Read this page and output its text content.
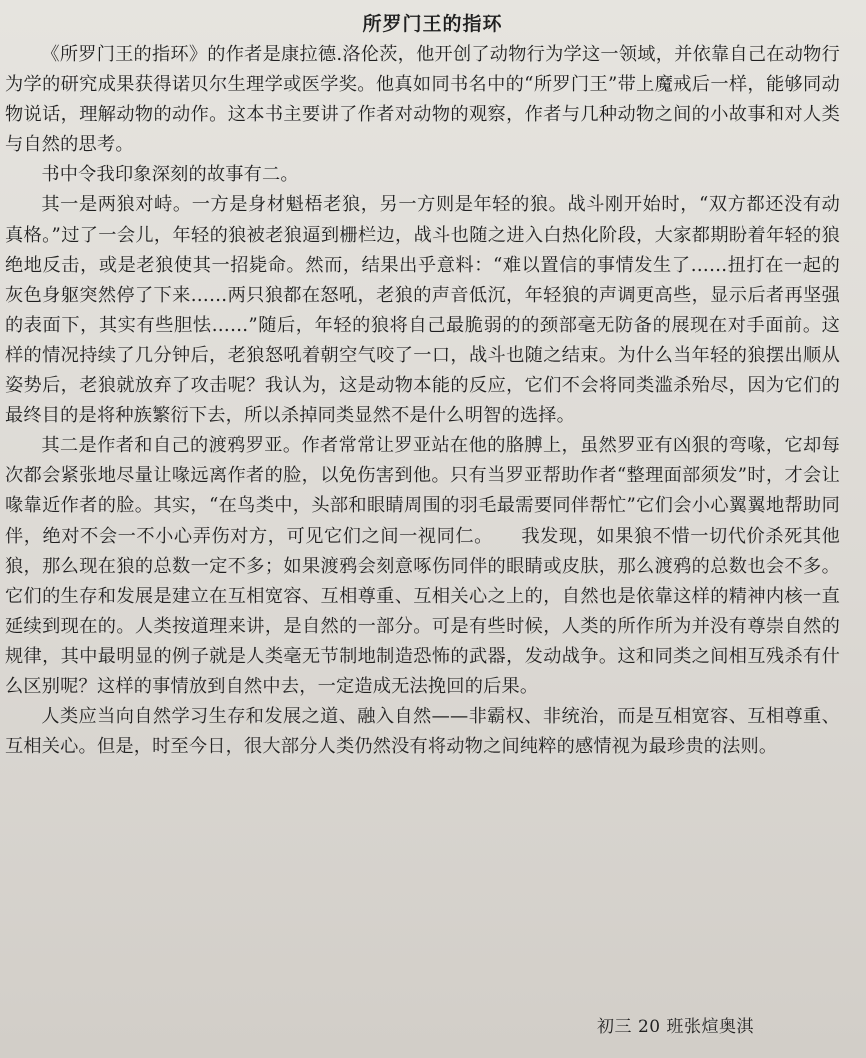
所罗门王的指环

《所罗门王的指环》的作者是康拉德.洛伦茨，他开创了动物行为学这一领域，并依靠自己在动物行为学的研究成果获得诺贝尔生理学或医学奖。他真如同书名中的“所罗门王”带上魔戒后一样，能够同动物说话，理解动物的动作。这本书主要讲了作者对动物的观察，作者与几种动物之间的小故事和对人类与自然的思考。

书中令我印象深刻的故事有二。

其一是两狼对峙。一方是身材魁梧老狼，另一方则是年轻的狼。战斗刚开始时，“双方都还没有动真格。”过了一会儿，年轻的狼被老狼逼到栅栏边，战斗也随之进入白热化阶段，大家都期盼着年轻的狼绝地反击，或是老狼使其一招毙命。然而，结果出乎意料：“难以置信的事情发生了……扭打在一起的灰色身躯突然停了下来……两只狼都在怒吼，老狼的声音低沉，年轻狼的声调更高些，显示后者再坚强的表面下，其实有些胆怯……”随后，年轻的狼将自己最脆弱的的颈部毫无防备的展现在对手面前。这样的情况持续了几分钟后，老狼怒吼着朝空气咬了一口，战斗也随之结束。为什么当年轻的狼摆出顺从姿势后，老狼就放弃了攻击呢？我认为，这是动物本能的反应，它们不会将同类滥杀殆尽，因为它们的最终目的是将种族繁衍下去，所以杀掉同类显然不是什么明智的选择。

其二是作者和自己的渡鸦罗亚。作者常常让罗亚站在他的胳膊上，虽然罗亚有凶狠的弯喙，它却每次都会紧张地尽量让喙远离作者的脸，以免伤害到他。只有当罗亚帮助作者“整理面部须发”时，才会让喙靠近作者的脸。其实，“在鸟类中，头部和眼睛周围的羽毛最需要同伴帮忙”它们会小心翼翼地帮助同伴，绝对不会一不小心弄伤对方，可见它们之间一视同仁。　　我发现，如果狼不惜一切代价杀死其他狼，那么现在狼的总数一定不多；如果渡鸦会刻意啄伤同伴的眼睛或皮肤，那么渡鸦的总数也会不多。它们的生存和发展是建立在互相宽容、互相尊重、互相关心之上的，自然也是依靠这样的精神内核一直延续到现在的。人类按道理来讲，是自然的一部分。可是有些时候，人类的所作所为并没有尊崇自然的规律，其中最明显的例子就是人类毫无节制地制造恐怖的武器，发动战争。这和同类之间相互残杀有什么区别呢？这样的事情放到自然中去，一定造成无法挽回的后果。

人类应当向自然学习生存和发展之道、融入自然——非霸权、非统治，而是互相宽容、互相尊重、互相关心。但是，时至今日，很大部分人类仍然没有将动物之间纯粹的感情视为最珍贵的法则。

初三 20 班张煊奥淇
